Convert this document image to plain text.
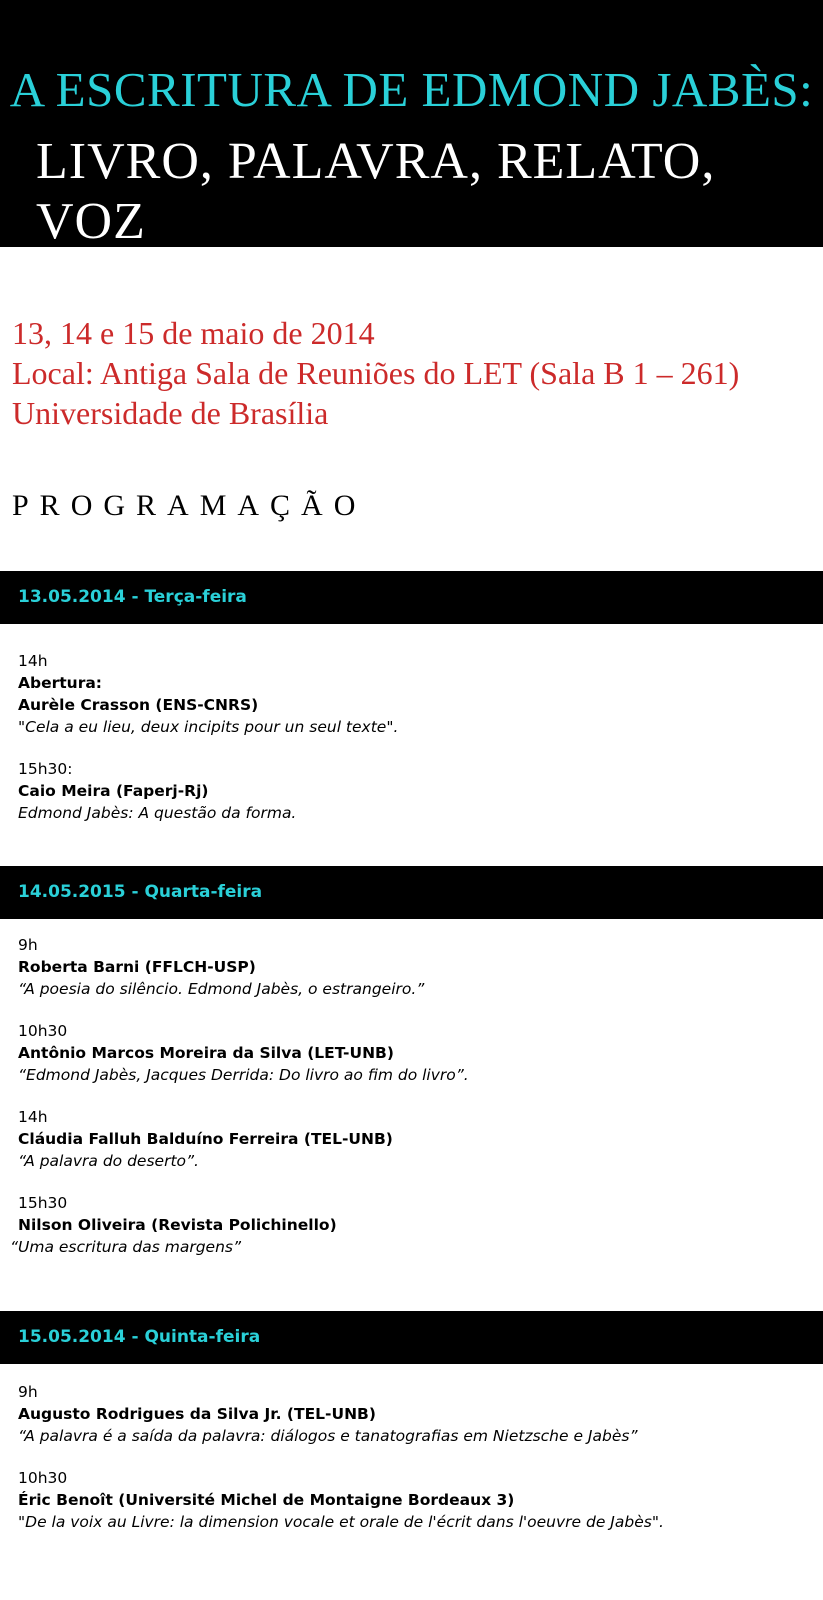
A ESCRITURA DE EDMOND JABÈS:
LIVRO, PALAVRA, RELATO, VOZ
13, 14 e 15 de maio de 2014
Local: Antiga Sala de Reuniões do LET (Sala B 1 – 261)
Universidade de Brasília
PROGRAMAÇÃO
13.05.2014 - Terça-feira
14h
Abertura:
Aurèle Crasson (ENS-CNRS)
"Cela a eu lieu, deux incipits pour un seul texte".
15h30:
Caio Meira (Faperj-Rj)
Edmond Jabès: A questão da forma.
14.05.2015 - Quarta-feira
9h
Roberta Barni (FFLCH-USP)
“A poesia do silêncio. Edmond Jabès, o estrangeiro.”
10h30
Antônio Marcos Moreira da Silva (LET-UNB)
“Edmond Jabès, Jacques Derrida: Do livro ao fim do livro”.
14h
Cláudia Falluh Balduíno Ferreira (TEL-UNB)
“A palavra do deserto”.
15h30
Nilson Oliveira (Revista Polichinello)
“Uma escritura das margens”
15.05.2014 - Quinta-feira
9h
Augusto Rodrigues da Silva Jr. (TEL-UNB)
“A palavra é a saída da palavra: diálogos e tanatografias em Nietzsche e Jabès”
10h30
Éric Benoît (Université Michel de Montaigne Bordeaux 3)
"De la voix au Livre: la dimension vocale et orale de l'écrit dans l'oeuvre de Jabès".
